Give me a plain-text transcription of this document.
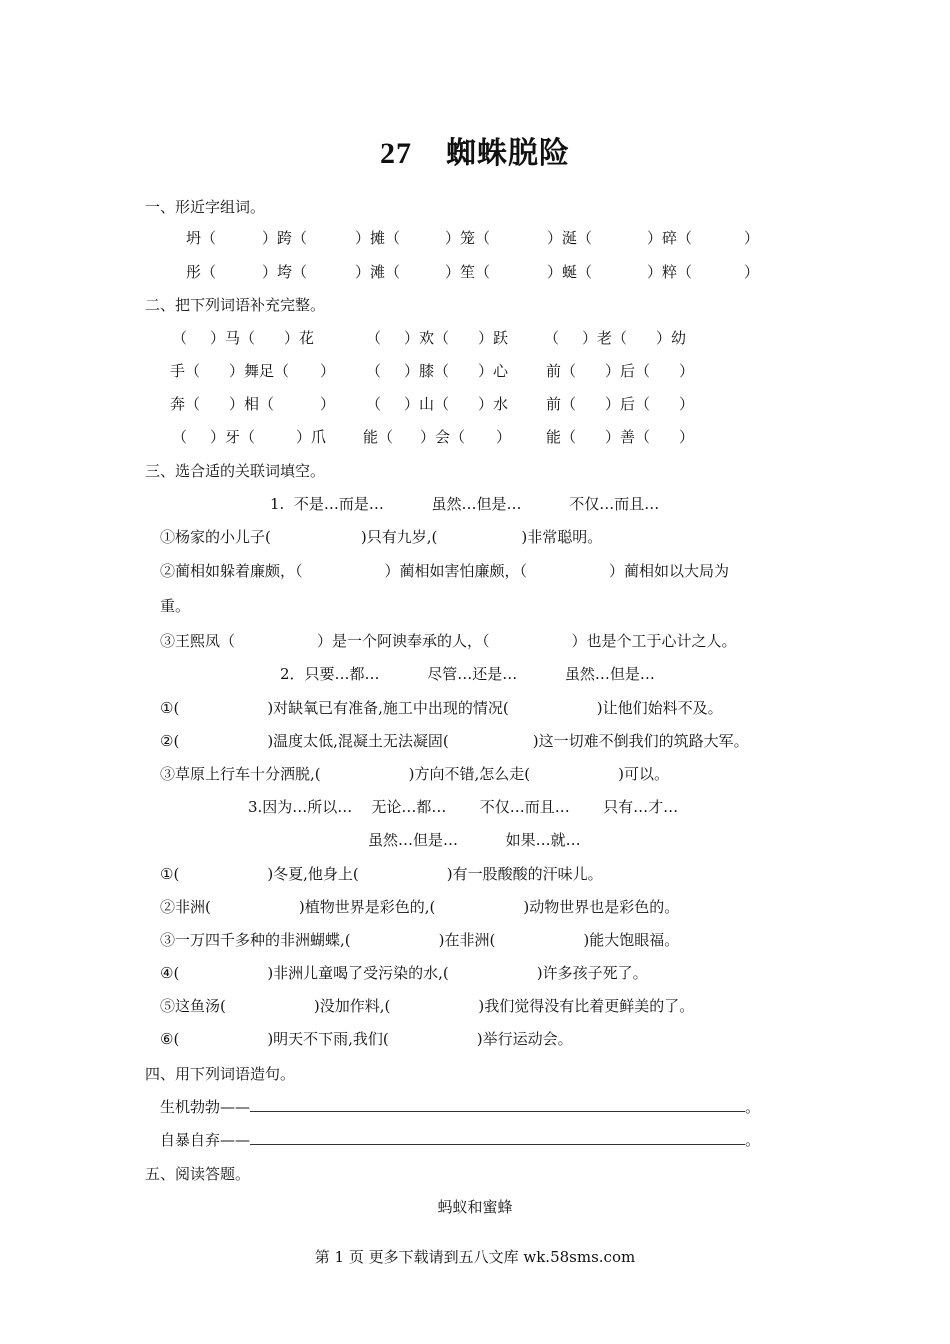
27 蜘蛛脱险
一、形近字组词。
坍（	）跨（	）摊（	）笼（	）涎（	）碎（	）
彤（	）垮（	）滩（	）笙（	）蜒（	）粹（	）
二、把下列词语补充完整。
（ ）马（ ）花	（ ）欢（ ）跃 （ ）老（ ）幼
手（ ）舞足（ ） （ ）膝（ ）心	前（ ）后（ ）
奔（ ）相（	） （ ）山（ ）水	前（ ）后（ ）
（ ）牙（	）爪 能（ ）会（ ） 能（ ）善（ ）
三、选合适的关联词填空。
1.  不是…而是…          虽然…但是…          不仅…而且…
①杨家的小儿子(	)只有九岁,(	)非常聪明。
②蔺相如躲着廉颇，（	）蔺相如害怕廉颇，（	）蔺相如以大局为
重。
③王熙凤（	）是一个阿谀奉承的人，（	）也是个工于心计之人。
2．只要…都…          尽管…还是…          虽然…但是…
①(	)对缺氧已有准备,施工中出现的情况(	)让他们始料不及。
②(	)温度太低,混凝土无法凝固(	)这一切难不倒我们的筑路大军。
③草原上行车十分洒脱,(	)方向不错,怎么走(	)可以。
3.因为…所以…    无论…都…       不仅…而且…       只有…才…
虽然…但是…          如果…就…
①(	)冬夏,他身上(	)有一股酸酸的汗味儿。
②非洲(	)植物世界是彩色的,(	)动物世界也是彩色的。
③一万四千多种的非洲蝴蝶,(	)在非洲(	)能大饱眼福。
④(	)非洲儿童喝了受污染的水,(	)许多孩子死了。
⑤这鱼汤(	)没加作料,(	)我们觉得没有比着更鲜美的了。
⑥(	)明天不下雨,我们(	)举行运动会。
四、用下列词语造句。
生机勃勃——	。
自暴自弃——	。
五、阅读答题。
蚂蚁和蜜蜂
第 1 页 更多下载请到五八文库 wk.58sms.com
